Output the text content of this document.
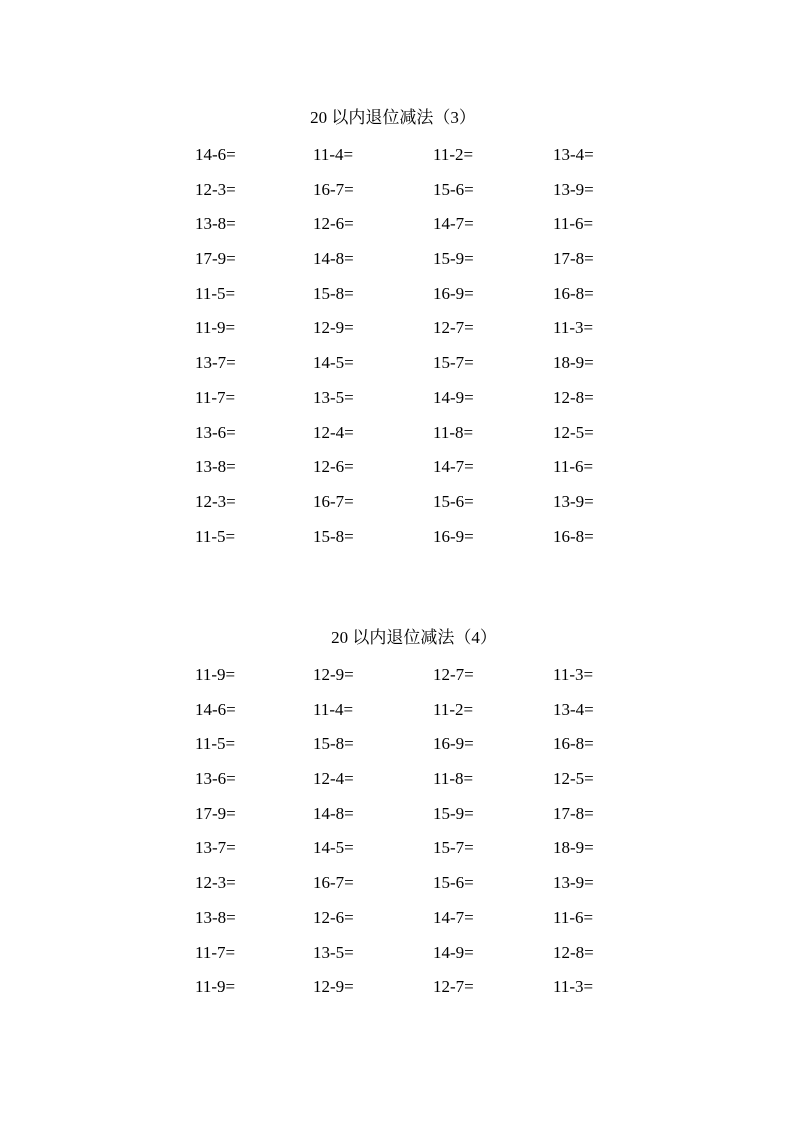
20 以内退位减法（3）
14-6=	11-4=	11-2=	13-4=
12-3=	16-7=	15-6=	13-9=
13-8=	12-6=	14-7=	11-6=
17-9=	14-8=	15-9=	17-8=
11-5=	15-8=	16-9=	16-8=
11-9=	12-9=	12-7=	11-3=
13-7=	14-5=	15-7=	18-9=
11-7=	13-5=	14-9=	12-8=
13-6=	12-4=	11-8=	12-5=
13-8=	12-6=	14-7=	11-6=
12-3=	16-7=	15-6=	13-9=
11-5=	15-8=	16-9=	16-8=
20 以内退位减法（4）
11-9=	12-9=	12-7=	11-3=
14-6=	11-4=	11-2=	13-4=
11-5=	15-8=	16-9=	16-8=
13-6=	12-4=	11-8=	12-5=
17-9=	14-8=	15-9=	17-8=
13-7=	14-5=	15-7=	18-9=
12-3=	16-7=	15-6=	13-9=
13-8=	12-6=	14-7=	11-6=
11-7=	13-5=	14-9=	12-8=
11-9=	12-9=	12-7=	11-3=
